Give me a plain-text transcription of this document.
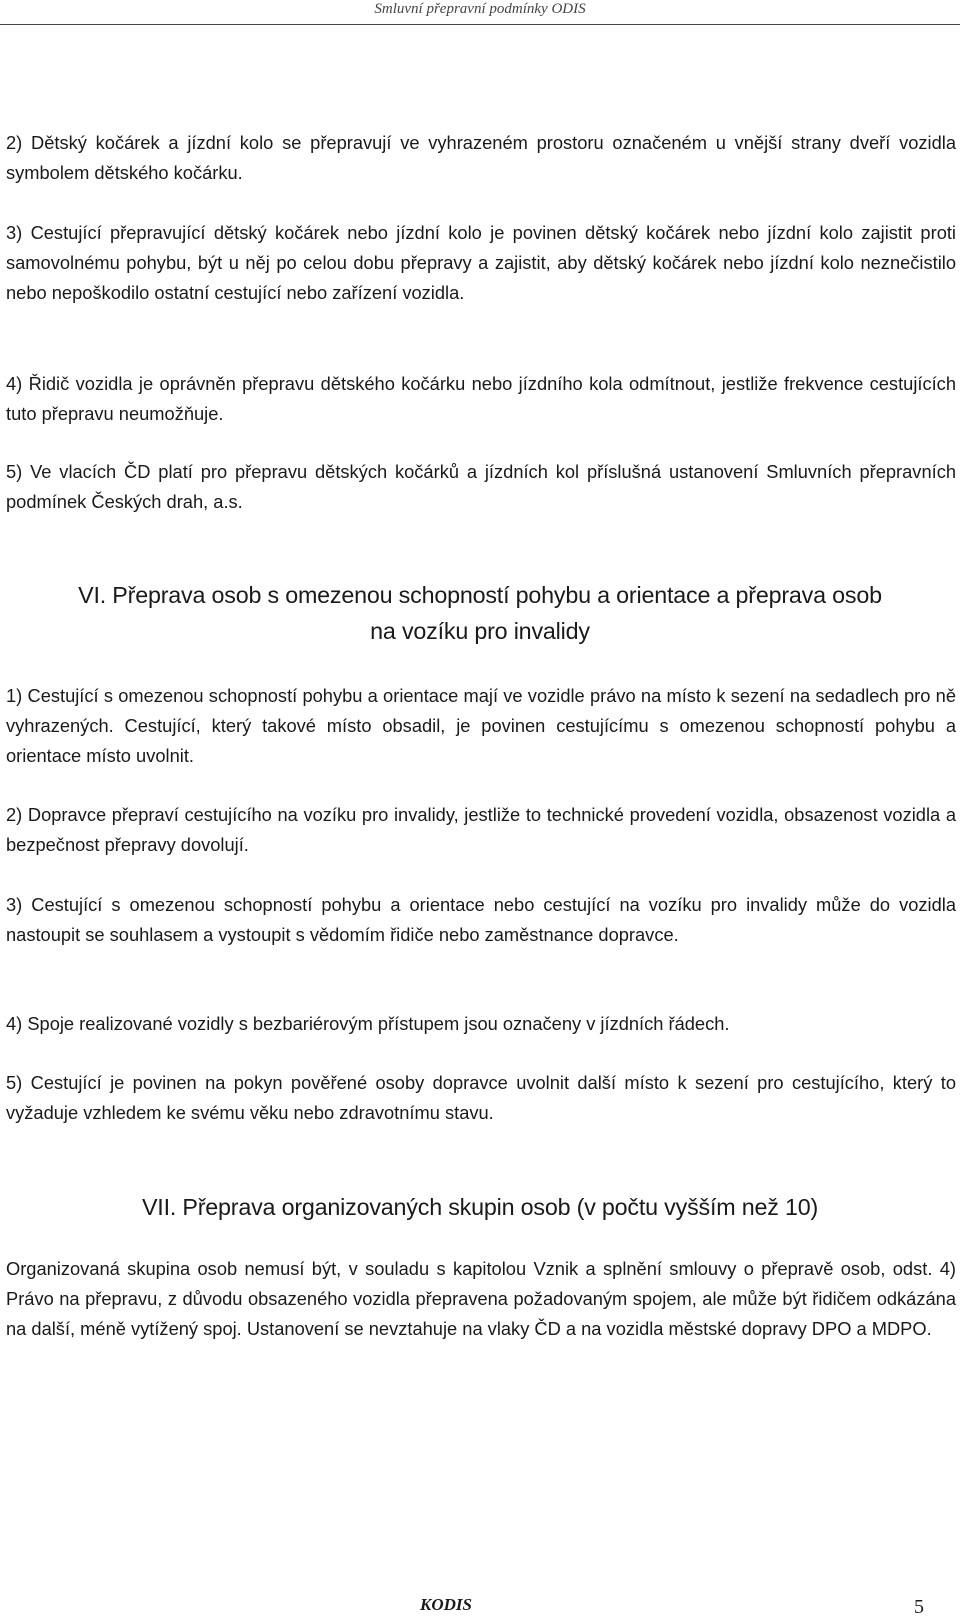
Smluvní přepravní podmínky ODIS

2) Dětský kočárek a jízdní kolo se přepravují ve vyhrazeném prostoru označeném u vnější strany dveří vozidla symbolem dětského kočárku.

3) Cestující přepravující dětský kočárek nebo jízdní kolo je povinen dětský kočárek nebo jízdní kolo zajistit proti samovolnému pohybu, být u něj po celou dobu přepravy a zajistit, aby dětský kočárek nebo jízdní kolo neznečistilo nebo nepoškodilo ostatní cestující nebo zařízení vozidla.

4) Řidič vozidla je oprávněn přepravu dětského kočárku nebo jízdního kola odmítnout, jestliže frekvence cestujících tuto přepravu neumožňuje.

5) Ve vlacích ČD platí pro přepravu dětských kočárků a jízdních kol příslušná ustanovení Smluvních přepravních podmínek Českých drah, a.s.

VI. Přeprava osob s omezenou schopností pohybu a orientace a přeprava osob
na vozíku pro invalidy

1) Cestující s omezenou schopností pohybu a orientace mají ve vozidle právo na místo k sezení na sedadlech pro ně vyhrazených. Cestující, který takové místo obsadil, je povinen cestujícímu s omezenou schopností pohybu a orientace místo uvolnit.

2) Dopravce přepraví cestujícího na vozíku pro invalidy, jestliže to technické provedení vozidla, obsazenost vozidla a bezpečnost přepravy dovolují.

3) Cestující s omezenou schopností pohybu a orientace nebo cestující na vozíku pro invalidy může do vozidla nastoupit se souhlasem a vystoupit s vědomím řidiče nebo zaměstnance dopravce.

4) Spoje realizované vozidly s bezbariérovým přístupem jsou označeny v jízdních řádech.

5) Cestující je povinen na pokyn pověřené osoby dopravce uvolnit další místo k sezení pro cestujícího, který to vyžaduje vzhledem ke svému věku nebo zdravotnímu stavu.

VII. Přeprava organizovaných skupin osob (v počtu vyšším než 10)

Organizovaná skupina osob nemusí být, v souladu s kapitolou Vznik a splnění smlouvy o přepravě osob, odst. 4) Právo na přepravu, z důvodu obsazeného vozidla přepravena požadovaným spojem, ale může být řidičem odkázána na další, méně vytížený spoj. Ustanovení se nevztahuje na vlaky ČD a na vozidla městské dopravy DPO a MDPO.

KODIS	5
